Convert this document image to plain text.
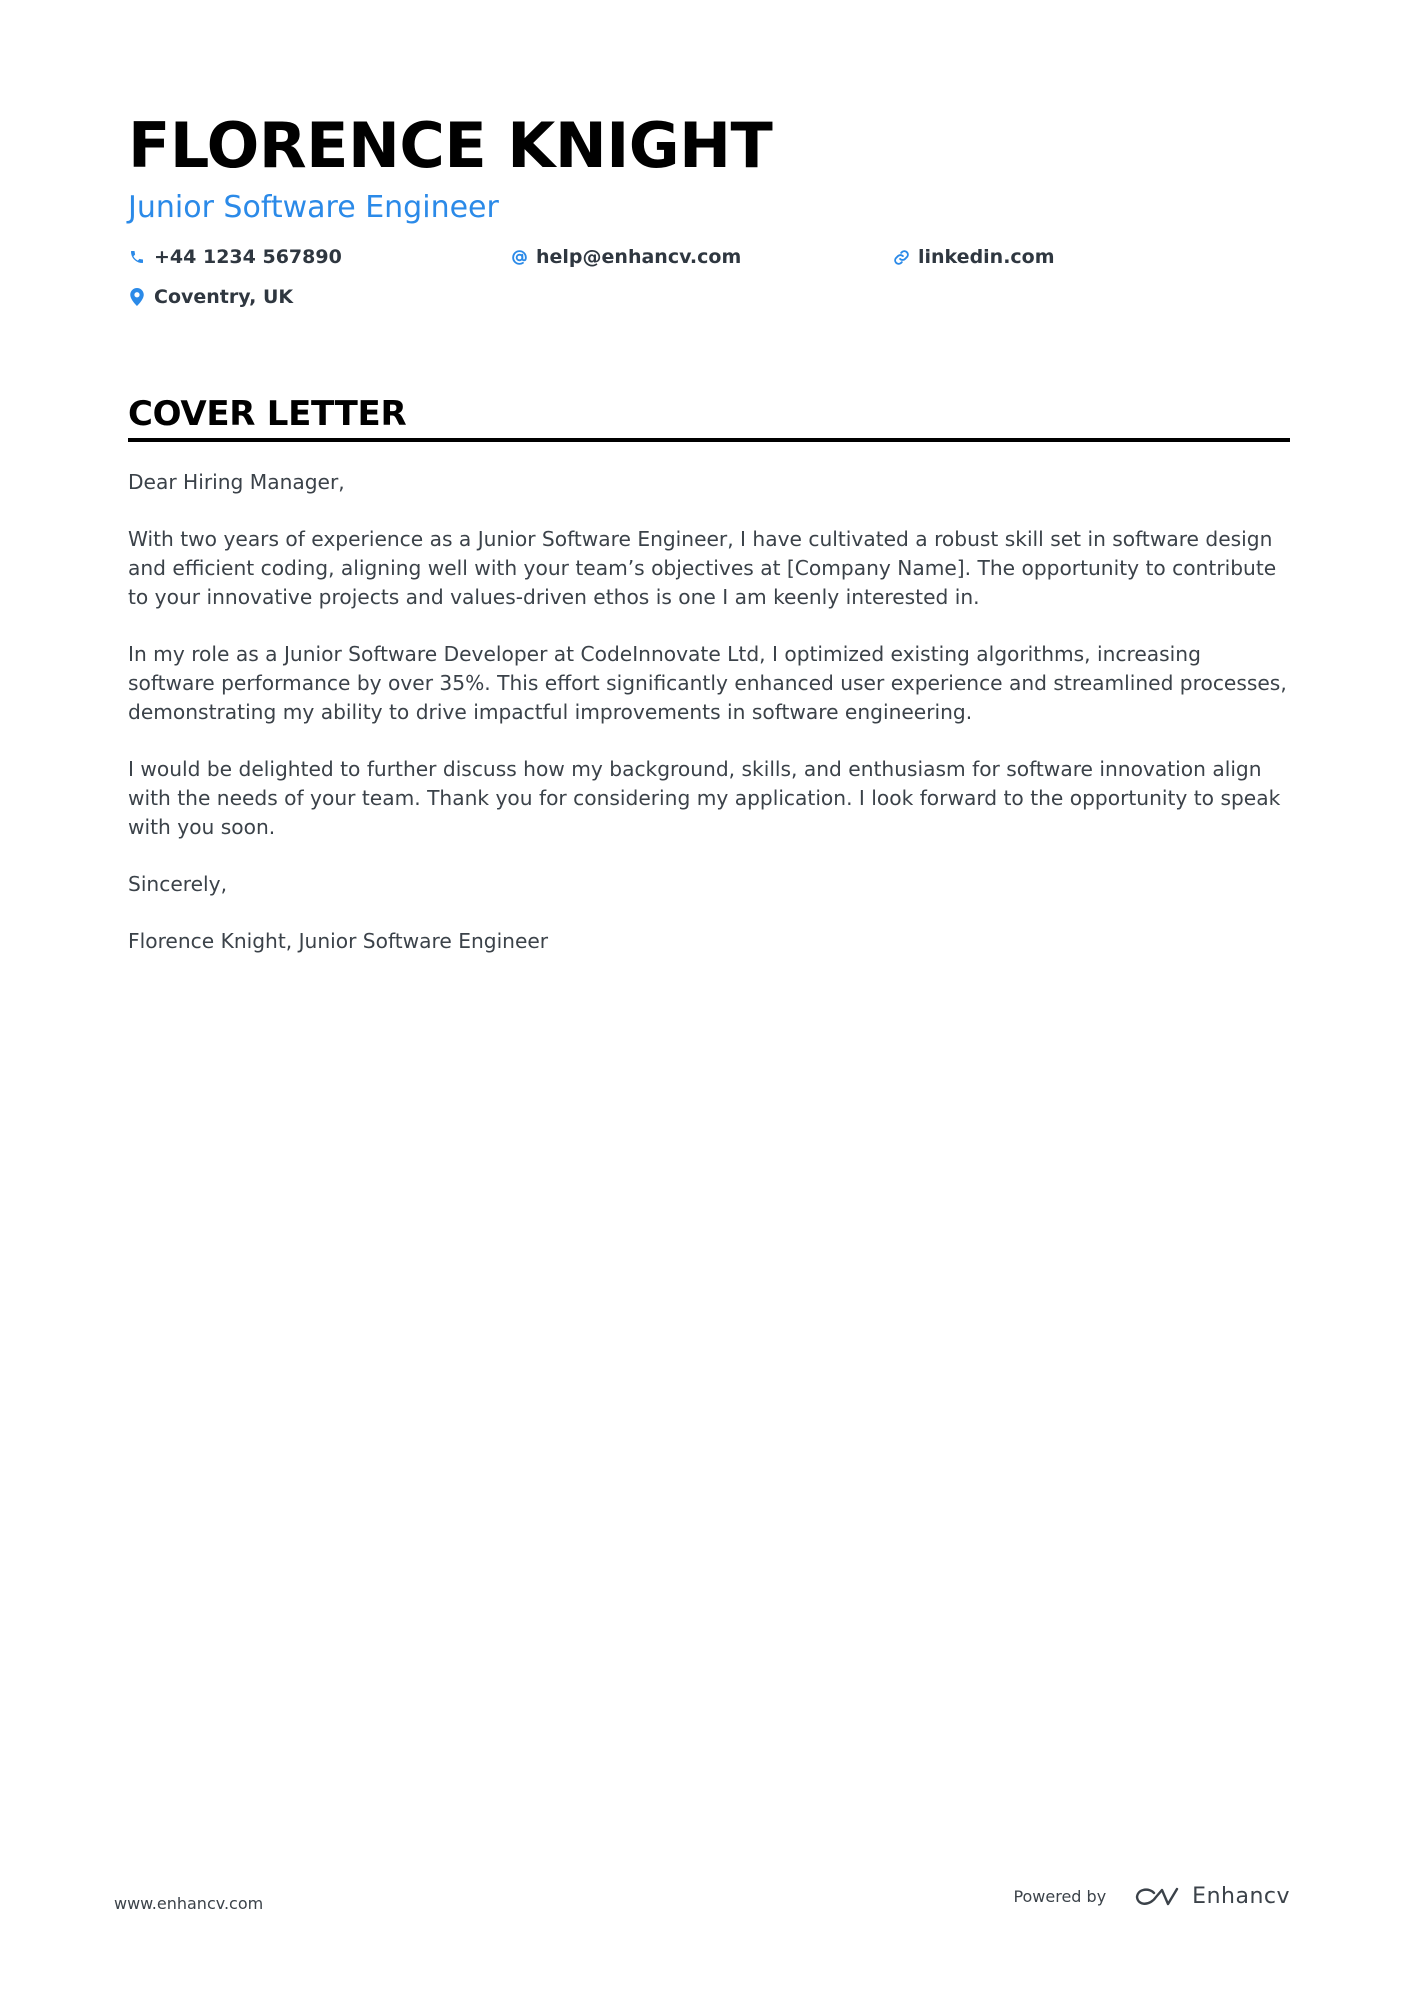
FLORENCE KNIGHT
Junior Software Engineer
+44 1234 567890	help@enhancv.com	linkedin.com
Coventry, UK
COVER LETTER

Dear Hiring Manager,

With two years of experience as a Junior Software Engineer, I have cultivated a robust skill set in software design and efficient coding, aligning well with your team’s objectives at [Company Name]. The opportunity to contribute to your innovative projects and values-driven ethos is one I am keenly interested in.

In my role as a Junior Software Developer at CodeInnovate Ltd, I optimized existing algorithms, increasing software performance by over 35%. This effort significantly enhanced user experience and streamlined processes, demonstrating my ability to drive impactful improvements in software engineering.

I would be delighted to further discuss how my background, skills, and enthusiasm for software innovation align with the needs of your team. Thank you for considering my application. I look forward to the opportunity to speak with you soon.

Sincerely,

Florence Knight, Junior Software Engineer

www.enhancv.com	Powered by	Enhancv
